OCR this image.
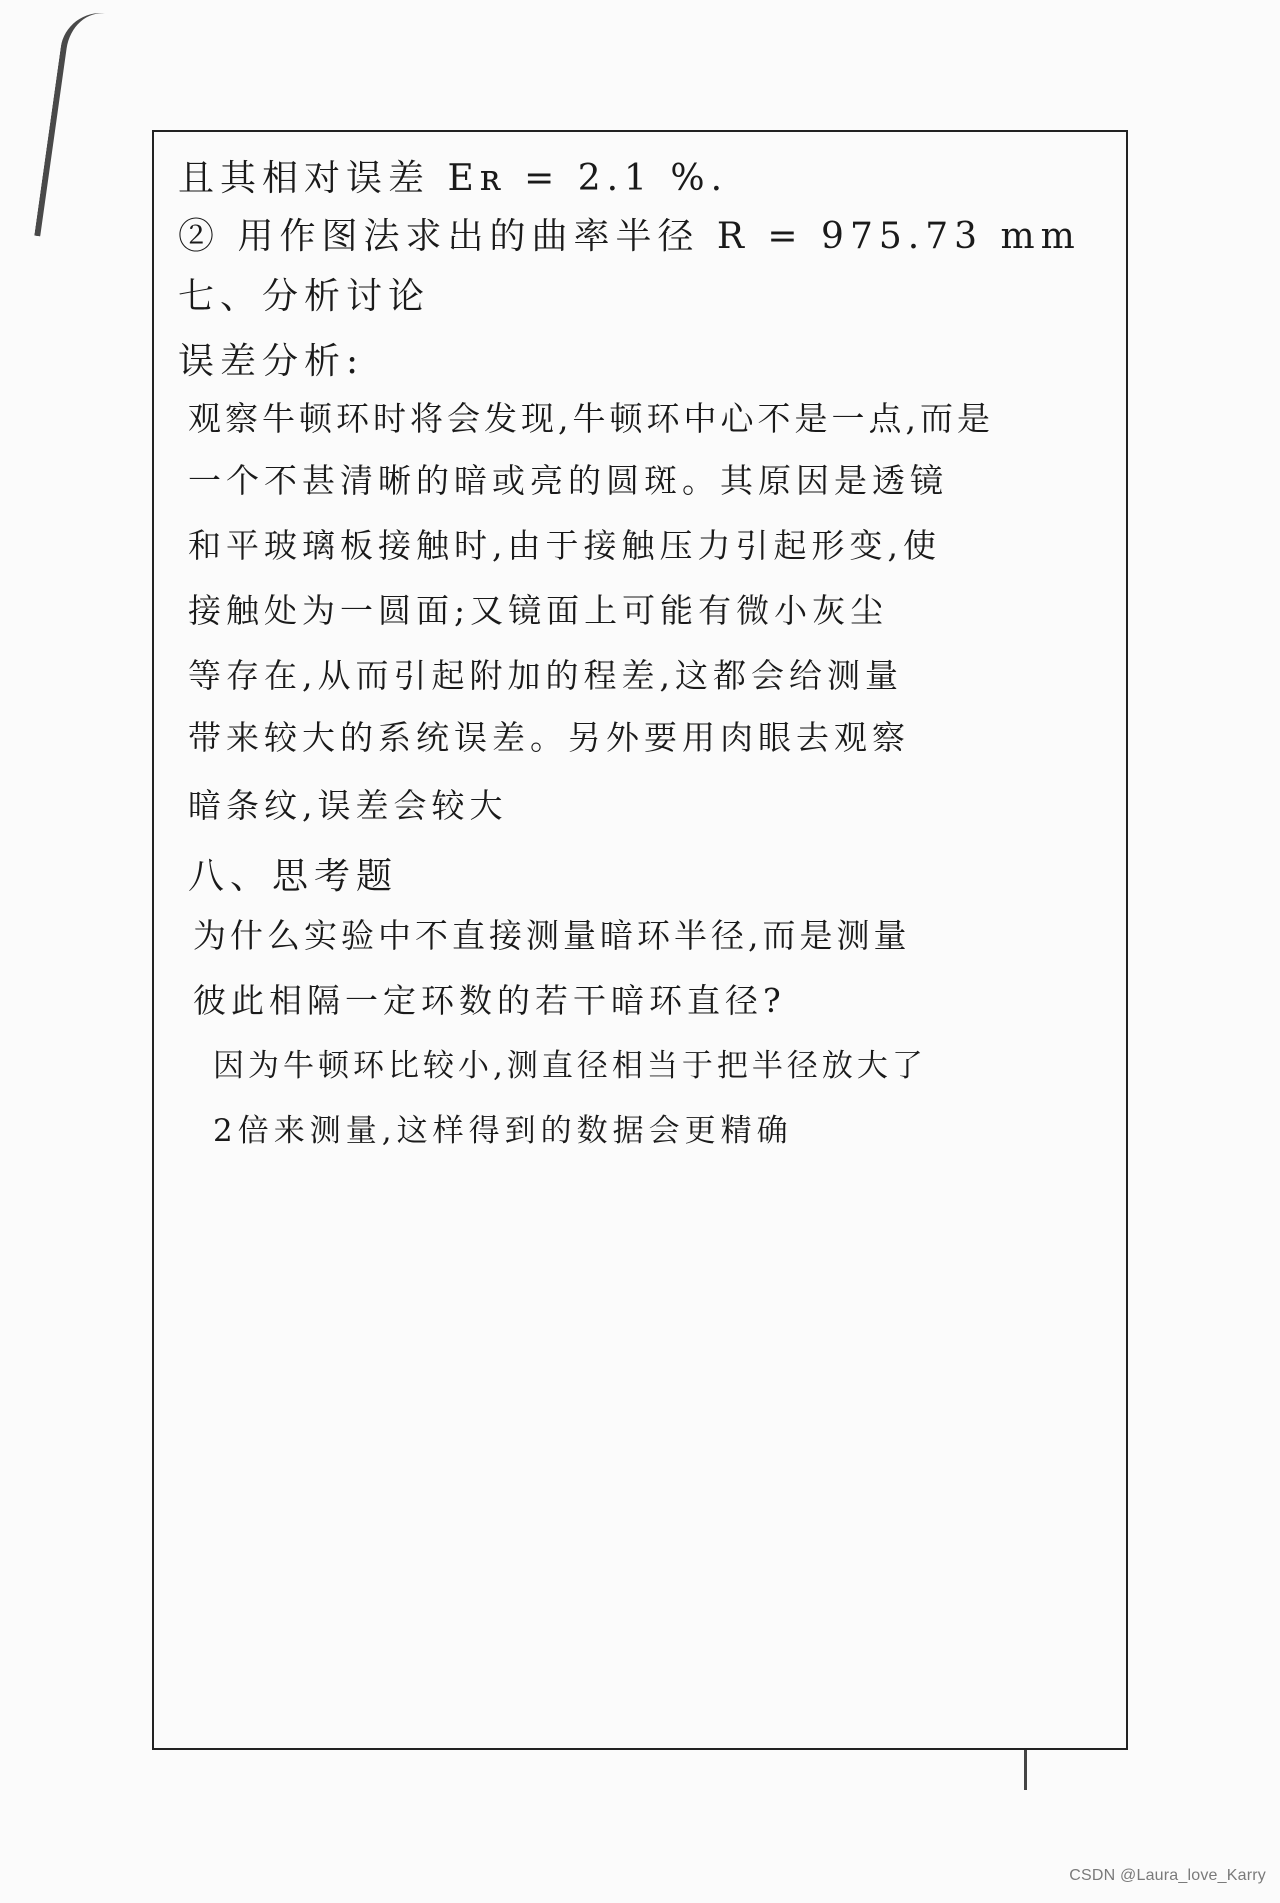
且其相对误差 Eʀ = 2.1 %.
② 用作图法求出的曲率半径 R = 975.73 mm
七、分析讨论
误差分析:
观察牛顿环时将会发现,牛顿环中心不是一点,而是
一个不甚清晰的暗或亮的圆斑。其原因是透镜
和平玻璃板接触时,由于接触压力引起形变,使
接触处为一圆面;又镜面上可能有微小灰尘
等存在,从而引起附加的程差,这都会给测量
带来较大的系统误差。另外要用肉眼去观察
暗条纹,误差会较大
八、思考题
为什么实验中不直接测量暗环半径,而是测量
彼此相隔一定环数的若干暗环直径?
因为牛顿环比较小,测直径相当于把半径放大了
2倍来测量,这样得到的数据会更精确
CSDN @Laura_love_Karry
